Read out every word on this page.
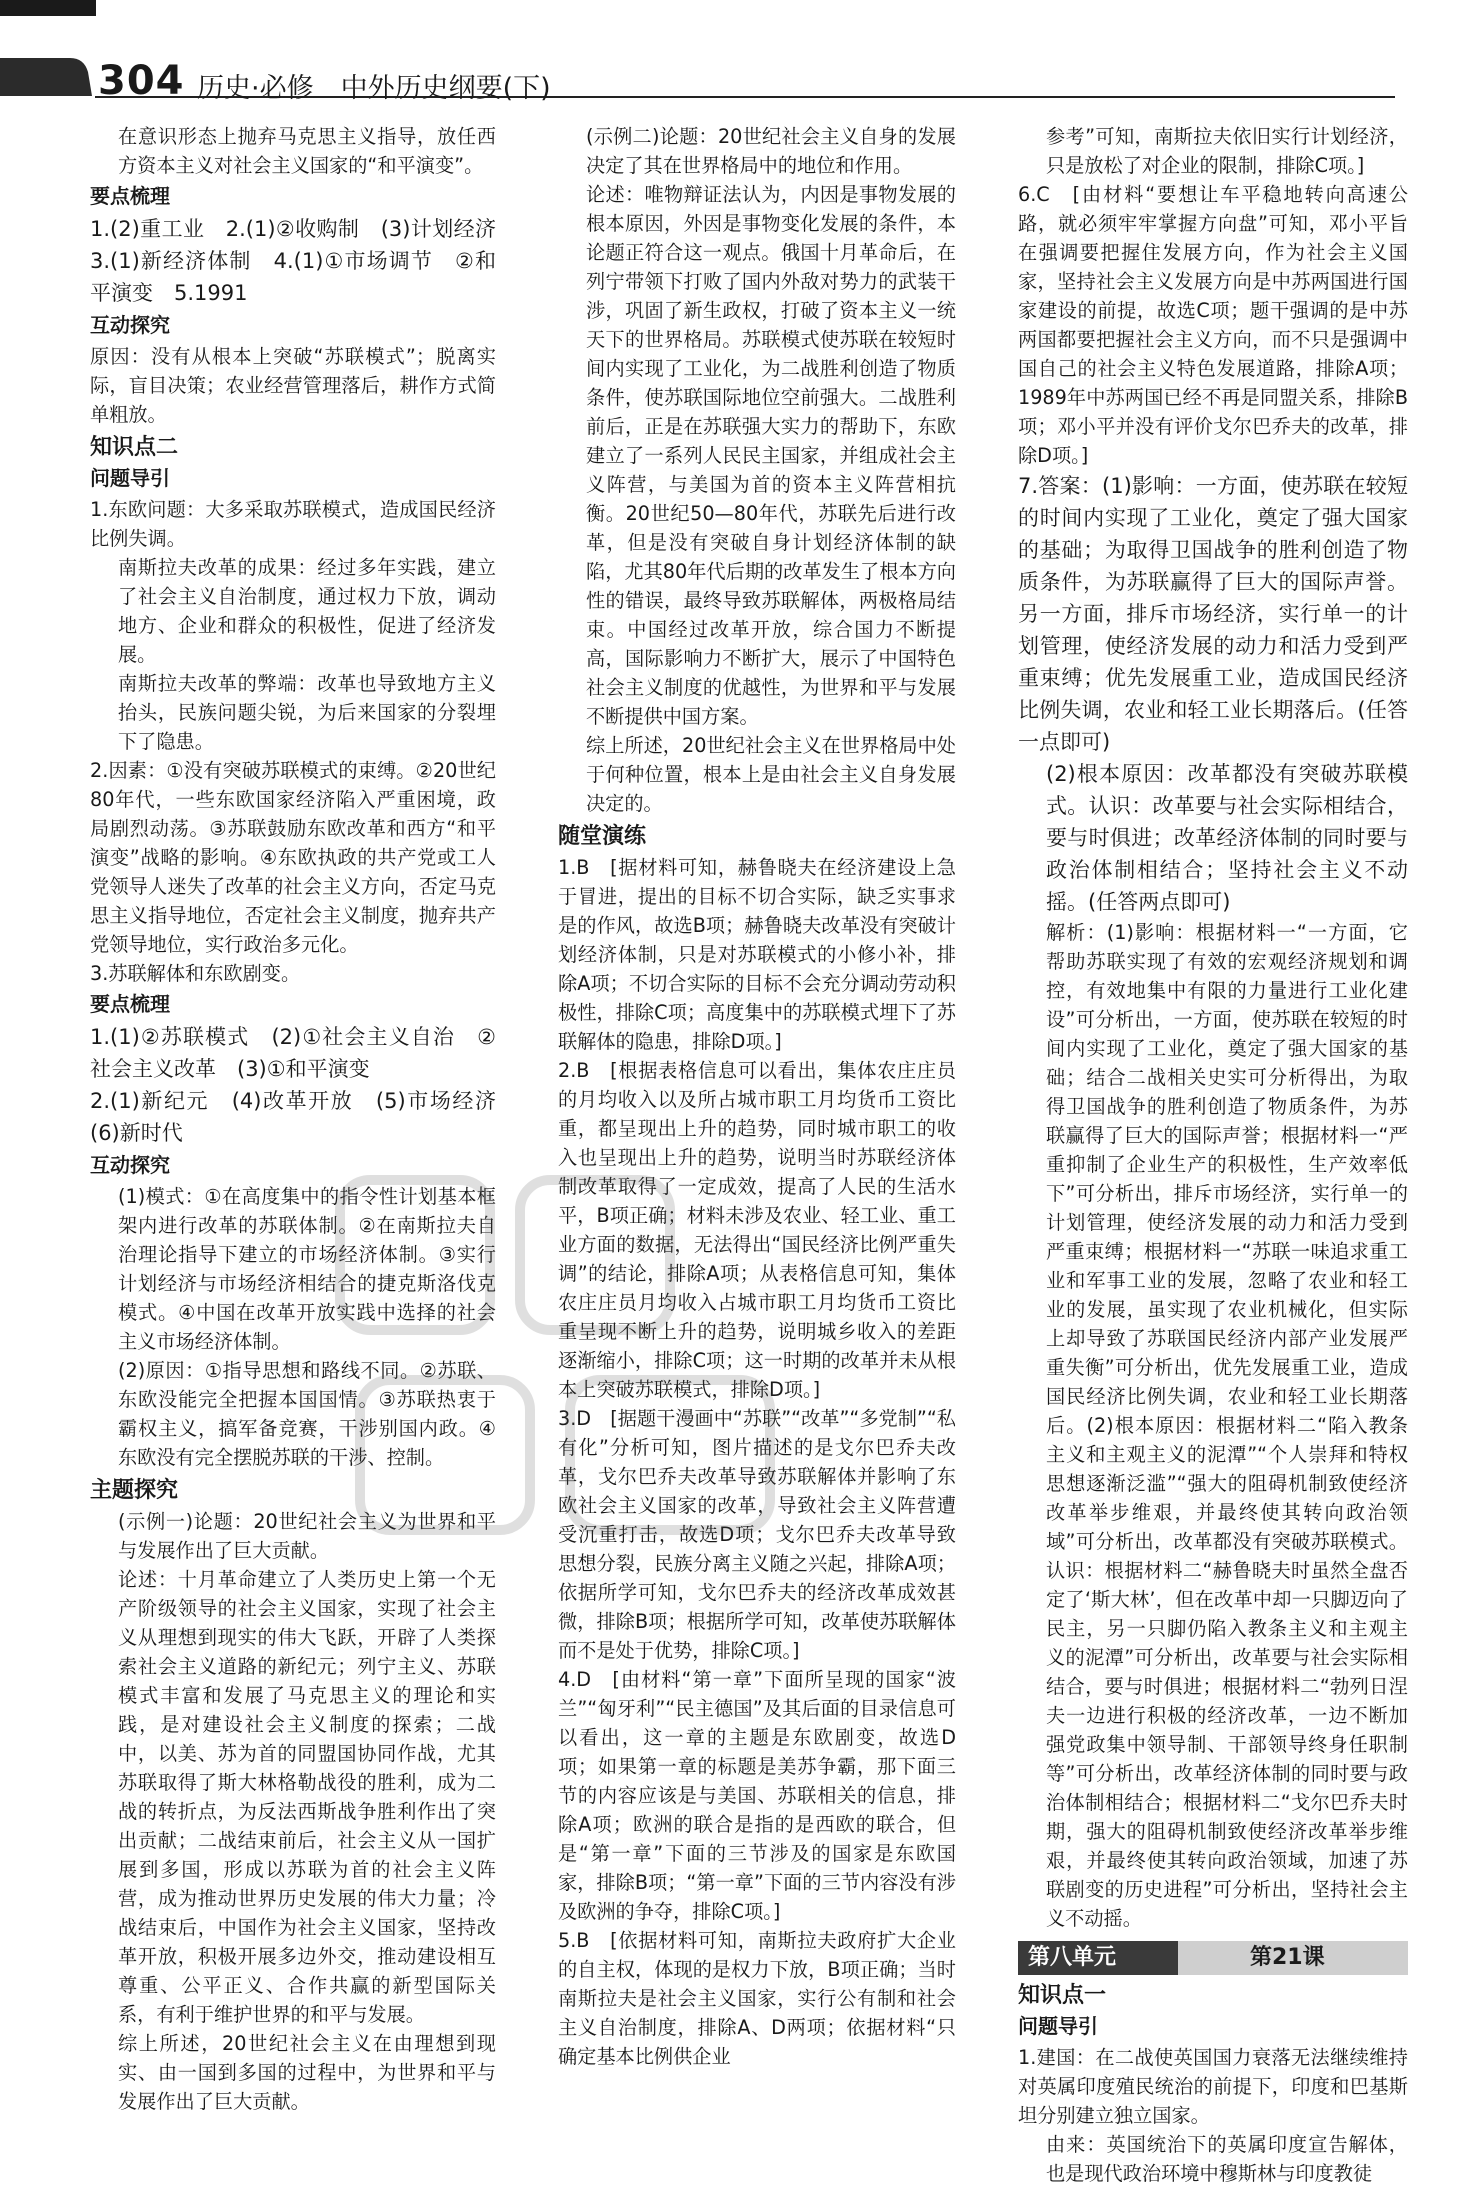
304 历史·必修　中外历史纲要(下)

在意识形态上抛弃马克思主义指导，放任西方资本主义对社会主义国家的“和平演变”。

要点梳理

1.(2)重工业　2.(1)②收购制　(3)计划经济　3.(1)新经济体制　4.(1)①市场调节　②和平演变　5.1991

互动探究

原因：没有从根本上突破“苏联模式”；脱离实际，盲目决策；农业经营管理落后，耕作方式简单粗放。

知识点二
问题导引

1.东欧问题：大多采取苏联模式，造成国民经济比例失调。

南斯拉夫改革的成果：经过多年实践，建立了社会主义自治制度，通过权力下放，调动地方、企业和群众的积极性，促进了经济发展。

南斯拉夫改革的弊端：改革也导致地方主义抬头，民族问题尖锐，为后来国家的分裂埋下了隐患。

2.因素：①没有突破苏联模式的束缚。②20世纪80年代，一些东欧国家经济陷入严重困境，政局剧烈动荡。③苏联鼓励东欧改革和西方“和平演变”战略的影响。④东欧执政的共产党或工人党领导人迷失了改革的社会主义方向，否定马克思主义指导地位，否定社会主义制度，抛弃共产党领导地位，实行政治多元化。

3.苏联解体和东欧剧变。

要点梳理

1.(1)②苏联模式　(2)①社会主义自治　②社会主义改革　(3)①和平演变

2.(1)新纪元　(4)改革开放　(5)市场经济　(6)新时代

互动探究

(1)模式：①在高度集中的指令性计划基本框架内进行改革的苏联体制。②在南斯拉夫自治理论指导下建立的市场经济体制。③实行计划经济与市场经济相结合的捷克斯洛伐克模式。④中国在改革开放实践中选择的社会主义市场经济体制。

(2)原因：①指导思想和路线不同。②苏联、东欧没能完全把握本国国情。③苏联热衷于霸权主义，搞军备竞赛，干涉别国内政。④东欧没有完全摆脱苏联的干涉、控制。

主题探究

(示例一)论题：20世纪社会主义为世界和平与发展作出了巨大贡献。

论述：十月革命建立了人类历史上第一个无产阶级领导的社会主义国家，实现了社会主义从理想到现实的伟大飞跃，开辟了人类探索社会主义道路的新纪元；列宁主义、苏联模式丰富和发展了马克思主义的理论和实践，是对建设社会主义制度的探索；二战中，以美、苏为首的同盟国协同作战，尤其苏联取得了斯大林格勒战役的胜利，成为二战的转折点，为反法西斯战争胜利作出了突出贡献；二战结束前后，社会主义从一国扩展到多国，形成以苏联为首的社会主义阵营，成为推动世界历史发展的伟大力量；冷战结束后，中国作为社会主义国家，坚持改革开放，积极开展多边外交，推动建设相互尊重、公平正义、合作共赢的新型国际关系，有利于维护世界的和平与发展。

综上所述，20世纪社会主义在由理想到现实、由一国到多国的过程中，为世界和平与发展作出了巨大贡献。

(示例二)论题：20世纪社会主义自身的发展决定了其在世界格局中的地位和作用。

论述：唯物辩证法认为，内因是事物发展的根本原因，外因是事物变化发展的条件，本论题正符合这一观点。俄国十月革命后，在列宁带领下打败了国内外敌对势力的武装干涉，巩固了新生政权，打破了资本主义一统天下的世界格局。苏联模式使苏联在较短时间内实现了工业化，为二战胜利创造了物质条件，使苏联国际地位空前强大。二战胜利前后，正是在苏联强大实力的帮助下，东欧建立了一系列人民民主国家，并组成社会主义阵营，与美国为首的资本主义阵营相抗衡。20世纪50—80年代，苏联先后进行改革，但是没有突破自身计划经济体制的缺陷，尤其80年代后期的改革发生了根本方向性的错误，最终导致苏联解体，两极格局结束。中国经过改革开放，综合国力不断提高，国际影响力不断扩大，展示了中国特色社会主义制度的优越性，为世界和平与发展不断提供中国方案。

综上所述，20世纪社会主义在世界格局中处于何种位置，根本上是由社会主义自身发展决定的。

随堂演练

1.B　[据材料可知，赫鲁晓夫在经济建设上急于冒进，提出的目标不切合实际，缺乏实事求是的作风，故选B项；赫鲁晓夫改革没有突破计划经济体制，只是对苏联模式的小修小补，排除A项；不切合实际的目标不会充分调动劳动积极性，排除C项；高度集中的苏联模式埋下了苏联解体的隐患，排除D项。]

2.B　[根据表格信息可以看出，集体农庄庄员的月均收入以及所占城市职工月均货币工资比重，都呈现出上升的趋势，同时城市职工的收入也呈现出上升的趋势，说明当时苏联经济体制改革取得了一定成效，提高了人民的生活水平，B项正确；材料未涉及农业、轻工业、重工业方面的数据，无法得出“国民经济比例严重失调”的结论，排除A项；从表格信息可知，集体农庄庄员月均收入占城市职工月均货币工资比重呈现不断上升的趋势，说明城乡收入的差距逐渐缩小，排除C项；这一时期的改革并未从根本上突破苏联模式，排除D项。]

3.D　[据题干漫画中“苏联”“改革”“多党制”“私有化”分析可知，图片描述的是戈尔巴乔夫改革，戈尔巴乔夫改革导致苏联解体并影响了东欧社会主义国家的改革，导致社会主义阵营遭受沉重打击，故选D项；戈尔巴乔夫改革导致思想分裂，民族分离主义随之兴起，排除A项；依据所学可知，戈尔巴乔夫的经济改革成效甚微，排除B项；根据所学可知，改革使苏联解体而不是处于优势，排除C项。]

4.D　[由材料“第一章”下面所呈现的国家“波兰”“匈牙利”“民主德国”及其后面的目录信息可以看出，这一章的主题是东欧剧变，故选D项；如果第一章的标题是美苏争霸，那下面三节的内容应该是与美国、苏联相关的信息，排除A项；欧洲的联合是指的是西欧的联合，但是“第一章”下面的三节涉及的国家是东欧国家，排除B项；“第一章”下面的三节内容没有涉及欧洲的争夺，排除C项。]

5.B　[依据材料可知，南斯拉夫政府扩大企业的自主权，体现的是权力下放，B项正确；当时南斯拉夫是社会主义国家，实行公有制和社会主义自治制度，排除A、D两项；依据材料“只确定基本比例供企业

参考”可知，南斯拉夫依旧实行计划经济，只是放松了对企业的限制，排除C项。]

6.C　[由材料“要想让车平稳地转向高速公路，就必须牢牢掌握方向盘”可知，邓小平旨在强调要把握住发展方向，作为社会主义国家，坚持社会主义发展方向是中苏两国进行国家建设的前提，故选C项；题干强调的是中苏两国都要把握社会主义方向，而不只是强调中国自己的社会主义特色发展道路，排除A项；1989年中苏两国已经不再是同盟关系，排除B项；邓小平并没有评价戈尔巴乔夫的改革，排除D项。]

7.答案：(1)影响：一方面，使苏联在较短的时间内实现了工业化，奠定了强大国家的基础；为取得卫国战争的胜利创造了物质条件，为苏联赢得了巨大的国际声誉。另一方面，排斥市场经济，实行单一的计划管理，使经济发展的动力和活力受到严重束缚；优先发展重工业，造成国民经济比例失调，农业和轻工业长期落后。(任答一点即可)

(2)根本原因：改革都没有突破苏联模式。认识：改革要与社会实际相结合，要与时俱进；改革经济体制的同时要与政治体制相结合；坚持社会主义不动摇。(任答两点即可)

解析：(1)影响：根据材料一“一方面，它帮助苏联实现了有效的宏观经济规划和调控，有效地集中有限的力量进行工业化建设”可分析出，一方面，使苏联在较短的时间内实现了工业化，奠定了强大国家的基础；结合二战相关史实可分析得出，为取得卫国战争的胜利创造了物质条件，为苏联赢得了巨大的国际声誉；根据材料一“严重抑制了企业生产的积极性，生产效率低下”可分析出，排斥市场经济，实行单一的计划管理，使经济发展的动力和活力受到严重束缚；根据材料一“苏联一味追求重工业和军事工业的发展，忽略了农业和轻工业的发展，虽实现了农业机械化，但实际上却导致了苏联国民经济内部产业发展严重失衡”可分析出，优先发展重工业，造成国民经济比例失调，农业和轻工业长期落后。(2)根本原因：根据材料二“陷入教条主义和主观主义的泥潭”“个人崇拜和特权思想逐渐泛滥”“强大的阻碍机制致使经济改革举步维艰，并最终使其转向政治领域”可分析出，改革都没有突破苏联模式。认识：根据材料二“赫鲁晓夫时虽然全盘否定了‘斯大林’，但在改革中却一只脚迈向了民主，另一只脚仍陷入教条主义和主观主义的泥潭”可分析出，改革要与社会实际相结合，要与时俱进；根据材料二“勃列日涅夫一边进行积极的经济改革，一边不断加强党政集中领导制、干部领导终身任职制等”可分析出，改革经济体制的同时要与政治体制相结合；根据材料二“戈尔巴乔夫时期，强大的阻碍机制致使经济改革举步维艰，并最终使其转向政治领域，加速了苏联剧变的历史进程”可分析出，坚持社会主义不动摇。

第八单元	第21课
知识点一
问题导引

1.建国：在二战使英国国力衰落无法继续维持对英属印度殖民统治的前提下，印度和巴基斯坦分别建立独立国家。

由来：英国统治下的英属印度宣告解体，也是现代政治环境中穆斯林与印度教徒
